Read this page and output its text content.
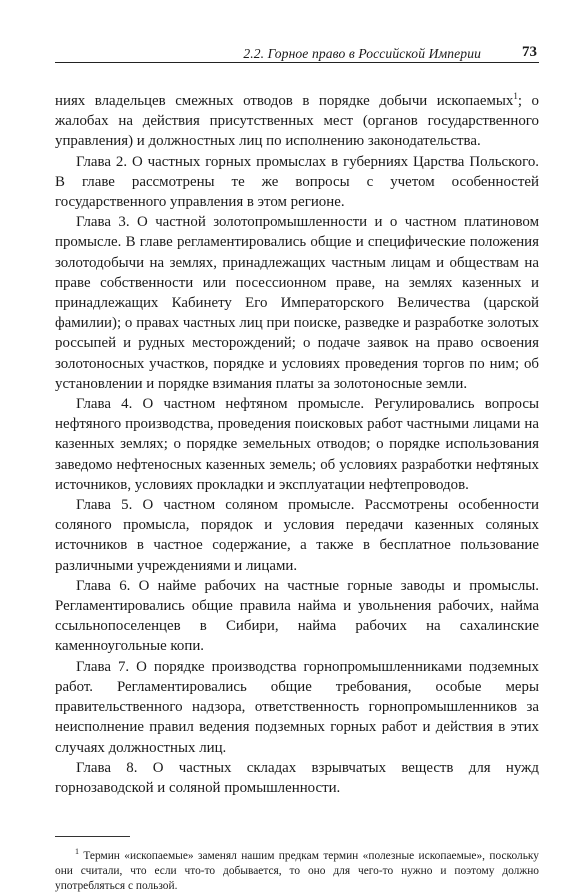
2.2. Горное право в Российской Империи	73

ниях владельцев смежных отводов в порядке добычи ископаемых$^1$; о жалобах на действия присутственных мест (органов государственного управления) и должностных лиц по исполнению законодательства.

Глава 2. О частных горных промыслах в губерниях Царства Польского. В главе рассмотрены те же вопросы с учетом особенностей государственного управления в этом регионе.

Глава 3. О частной золотопромышленности и о частном платиновом промысле. В главе регламентировались общие и специфические положения золотодобычи на землях, принадлежащих частным лицам и обществам на праве собственности или посессионном праве, на землях казенных и принадлежащих Кабинету Его Императорского Величества (царской фамилии); о правах частных лиц при поиске, разведке и разработке золотых россыпей и рудных месторождений; о подаче заявок на право освоения золотоносных участков, порядке и условиях проведения торгов по ним; об установлении и порядке взимания платы за золотоносные земли.

Глава 4. О частном нефтяном промысле. Регулировались вопросы нефтяного производства, проведения поисковых работ частными лицами на казенных землях; о порядке земельных отводов; о порядке использования заведомо нефтеносных казенных земель; об условиях разработки нефтяных источников, условиях прокладки и эксплуатации нефтепроводов.

Глава 5. О частном соляном промысле. Рассмотрены особенности соляного промысла, порядок и условия передачи казенных соляных источников в частное содержание, а также в бесплатное пользование различными учреждениями и лицами.

Глава 6. О найме рабочих на частные горные заводы и промыслы. Регламентировались общие правила найма и увольнения рабочих, найма ссыльнопоселенцев в Сибири, найма рабочих на сахалинские каменноугольные копи.

Глава 7. О порядке производства горнопромышленниками подземных работ. Регламентировались общие требования, особые меры правительственного надзора, ответственность горнопромышленников за неисполнение правил ведения подземных горных работ и действия в этих случаях должностных лиц.

Глава 8. О частных складах взрывчатых веществ для нужд горнозаводской и соляной промышленности.

$^1$ Термин «ископаемые» заменял нашим предкам термин «полезные ископаемые», поскольку они считали, что если что-то добывается, то оно для чего-то нужно и поэтому должно употребляться с пользой.
